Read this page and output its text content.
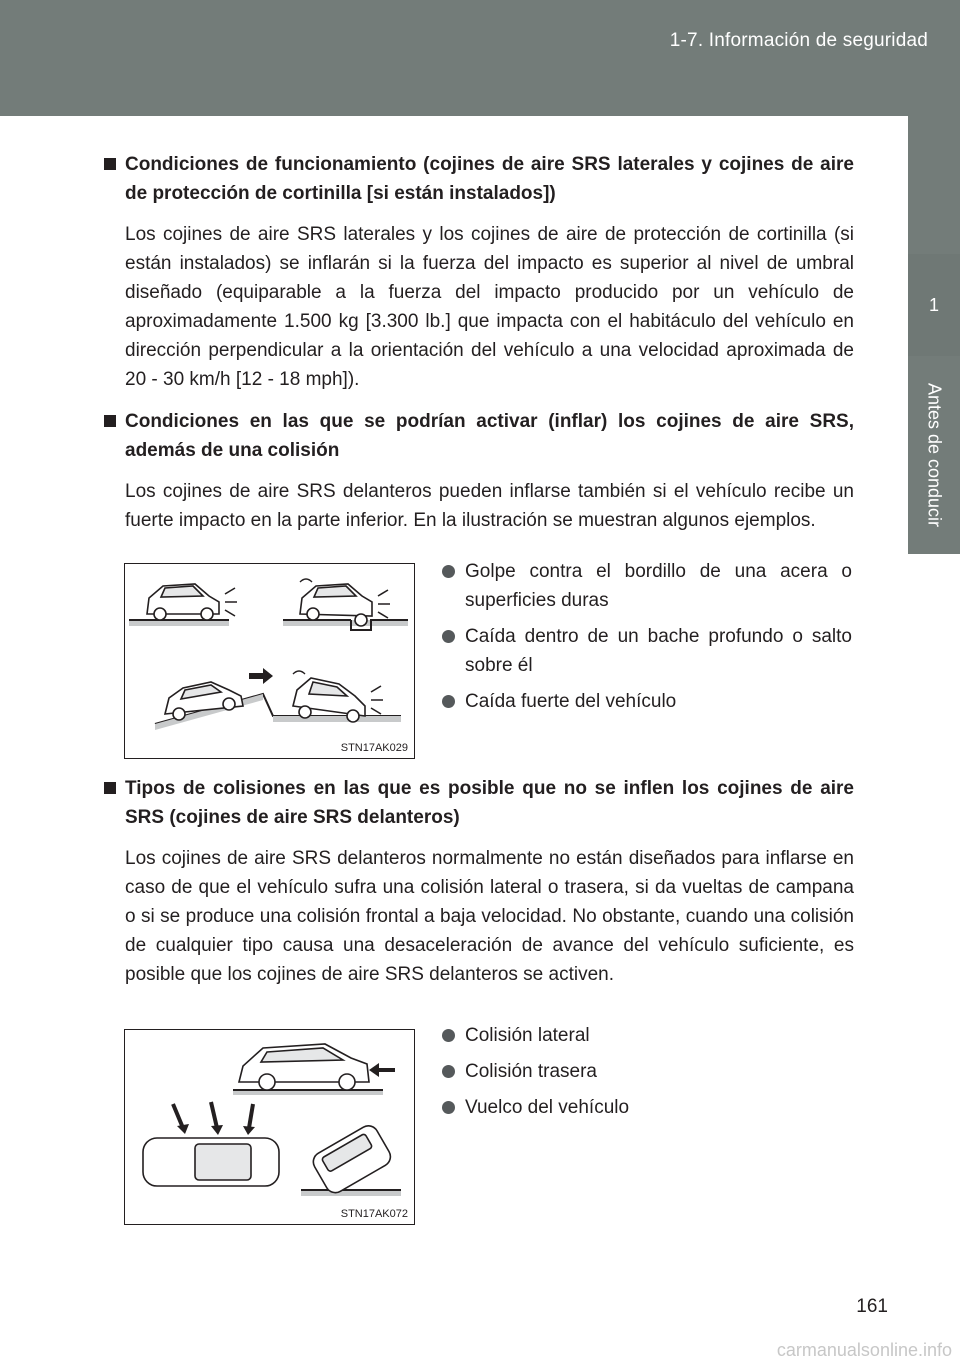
1-7. Información de seguridad
1
Antes de conducir
Condiciones de funcionamiento (cojines de aire SRS laterales y cojines de aire de protección de cortinilla [si están instalados])

Los cojines de aire SRS laterales y los cojines de aire de protección de cortinilla (si están instalados) se inflarán si la fuerza del impacto es superior al nivel de umbral diseñado (equiparable a la fuerza del impacto producido por un vehículo de aproximadamente 1.500 kg [3.300 lb.] que impacta con el habitáculo del vehículo en dirección perpendicular a la orientación del vehículo a una velocidad aproximada de 20 - 30 km/h [12 - 18 mph]).

Condiciones en las que se podrían activar (inflar) los cojines de aire SRS, además de una colisión

Los cojines de aire SRS delanteros pueden inflarse también si el vehículo recibe un fuerte impacto en la parte inferior. En la ilustración se muestran algunos ejemplos.

STN17AK029
Golpe contra el bordillo de una acera o superficies duras
Caída dentro de un bache profundo o salto sobre él
Caída fuerte del vehículo
Tipos de colisiones en las que es posible que no se inflen los cojines de aire SRS (cojines de aire SRS delanteros)

Los cojines de aire SRS delanteros normalmente no están diseñados para inflarse en caso de que el vehículo sufra una colisión lateral o trasera, si da vueltas de campana o si se produce una colisión frontal a baja velocidad. No obstante, cuando una colisión de cualquier tipo causa una desaceleración de avance del vehículo suficiente, es posible que los cojines de aire SRS delanteros se activen.

STN17AK072
Colisión lateral
Colisión trasera
Vuelco del vehículo
161
carmanualsonline.info
